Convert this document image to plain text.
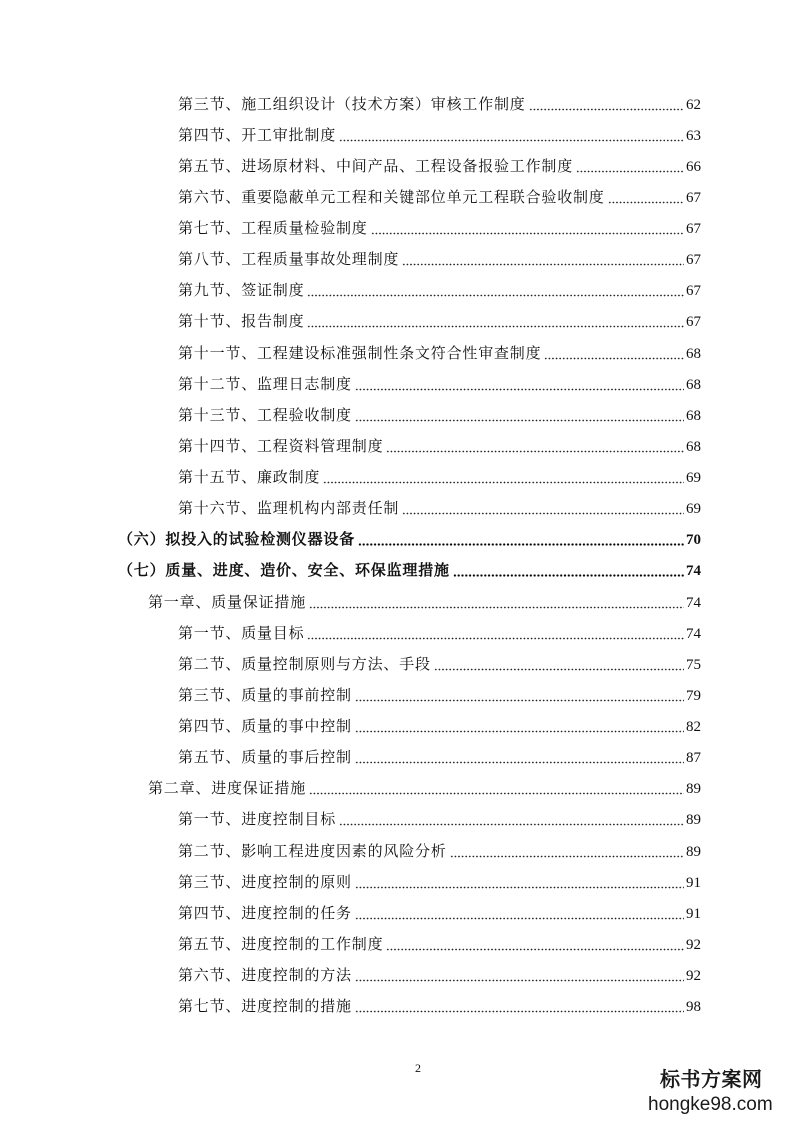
第三节、施工组织设计（技术方案）审核工作制度	62
第四节、开工审批制度	63
第五节、进场原材料、中间产品、工程设备报验工作制度	66
第六节、重要隐蔽单元工程和关键部位单元工程联合验收制度	67
第七节、工程质量检验制度	67
第八节、工程质量事故处理制度	67
第九节、签证制度	67
第十节、报告制度	67
第十一节、工程建设标准强制性条文符合性审查制度	68
第十二节、监理日志制度	68
第十三节、工程验收制度	68
第十四节、工程资料管理制度	68
第十五节、廉政制度	69
第十六节、监理机构内部责任制	69
（六）拟投入的试验检测仪器设备	70
（七）质量、进度、造价、安全、环保监理措施	74
第一章、质量保证措施	74
第一节、质量目标	74
第二节、质量控制原则与方法、手段	75
第三节、质量的事前控制	79
第四节、质量的事中控制	82
第五节、质量的事后控制	87
第二章、进度保证措施	89
第一节、进度控制目标	89
第二节、影响工程进度因素的风险分析	89
第三节、进度控制的原则	91
第四节、进度控制的任务	91
第五节、进度控制的工作制度	92
第六节、进度控制的方法	92
第七节、进度控制的措施	98
2
标书方案网
hongke98.com
